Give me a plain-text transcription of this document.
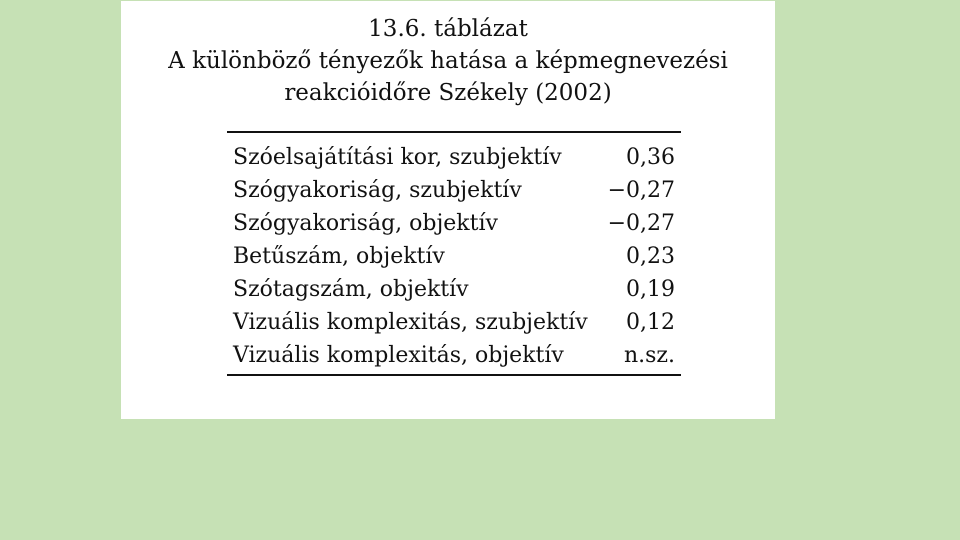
13.6. táblázat
A különböző tényezők hatása a képmegnevezési
reakcióidőre Székely (2002)
Szóelsajátítási kor, szubjektív	0,36
Szógyakoriság, szubjektív	−0,27
Szógyakoriság, objektív	−0,27
Betűszám, objektív	0,23
Szótagszám, objektív	0,19
Vizuális komplexitás, szubjektív 0,12
Vizuális komplexitás, objektív	n.sz.
